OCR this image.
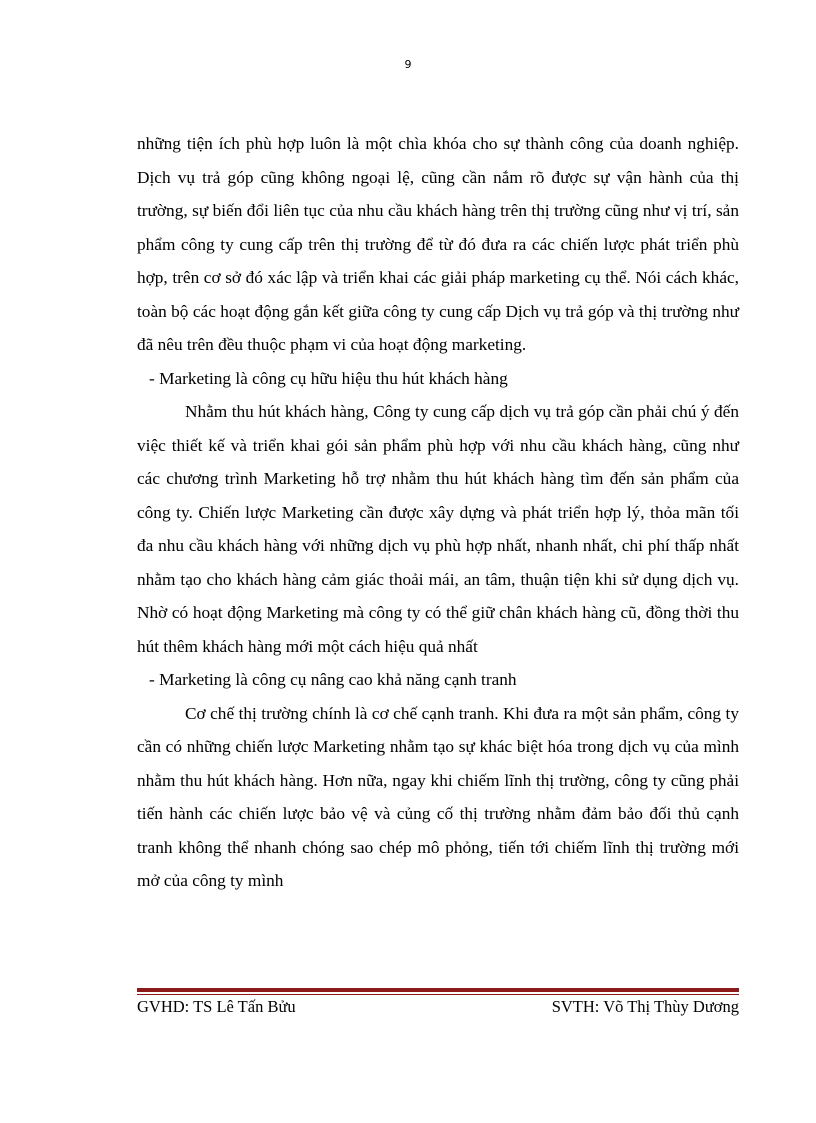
9

những tiện ích phù hợp luôn là một chìa khóa cho sự thành công của doanh nghiệp. Dịch vụ trả góp cũng không ngoại lệ, cũng cần nắm rõ được sự vận hành của thị trường, sự biến đổi liên tục của nhu cầu khách hàng trên thị trường cũng như vị trí, sản phẩm công ty cung cấp trên thị trường để từ đó đưa ra các chiến lược phát triển phù hợp, trên cơ sở đó xác lập và triển khai các giải pháp marketing cụ thể. Nói cách khác, toàn bộ các hoạt động gắn kết giữa công ty cung cấp Dịch vụ trả góp và thị trường như đã nêu trên đều thuộc phạm vi của hoạt động marketing.

- Marketing là công cụ hữu hiệu thu hút khách hàng

Nhằm thu hút khách hàng, Công ty cung cấp dịch vụ trả góp cần phải chú ý đến việc thiết kế và triển khai gói sản phẩm phù hợp với nhu cầu khách hàng, cũng như các chương trình Marketing hỗ trợ nhằm thu hút khách hàng tìm đến sản phẩm của công ty. Chiến lược Marketing cần được xây dựng và phát triển hợp lý, thỏa mãn tối đa nhu cầu khách hàng với những dịch vụ phù hợp nhất, nhanh nhất, chi phí thấp nhất nhằm tạo cho khách hàng cảm giác thoải mái, an tâm, thuận tiện khi sử dụng dịch vụ. Nhờ có hoạt động Marketing mà công ty có thể giữ chân khách hàng cũ, đồng thời thu hút thêm khách hàng mới một cách hiệu quả nhất

- Marketing là công cụ nâng cao khả năng cạnh tranh

Cơ chế thị trường chính là cơ chế cạnh tranh. Khi đưa ra một sản phẩm, công ty cần có những chiến lược Marketing nhằm tạo sự khác biệt hóa trong dịch vụ của mình nhằm thu hút khách hàng. Hơn nữa, ngay khi chiếm lĩnh thị trường, công ty cũng phải tiến hành các chiến lược bảo vệ và củng cố thị trường nhằm đảm bảo đối thủ cạnh tranh không thể nhanh chóng sao chép mô phỏng, tiến tới chiếm lĩnh thị trường mới mở của công ty mình

GVHD: TS Lê Tấn Bửu	SVTH: Võ Thị Thùy Dương
